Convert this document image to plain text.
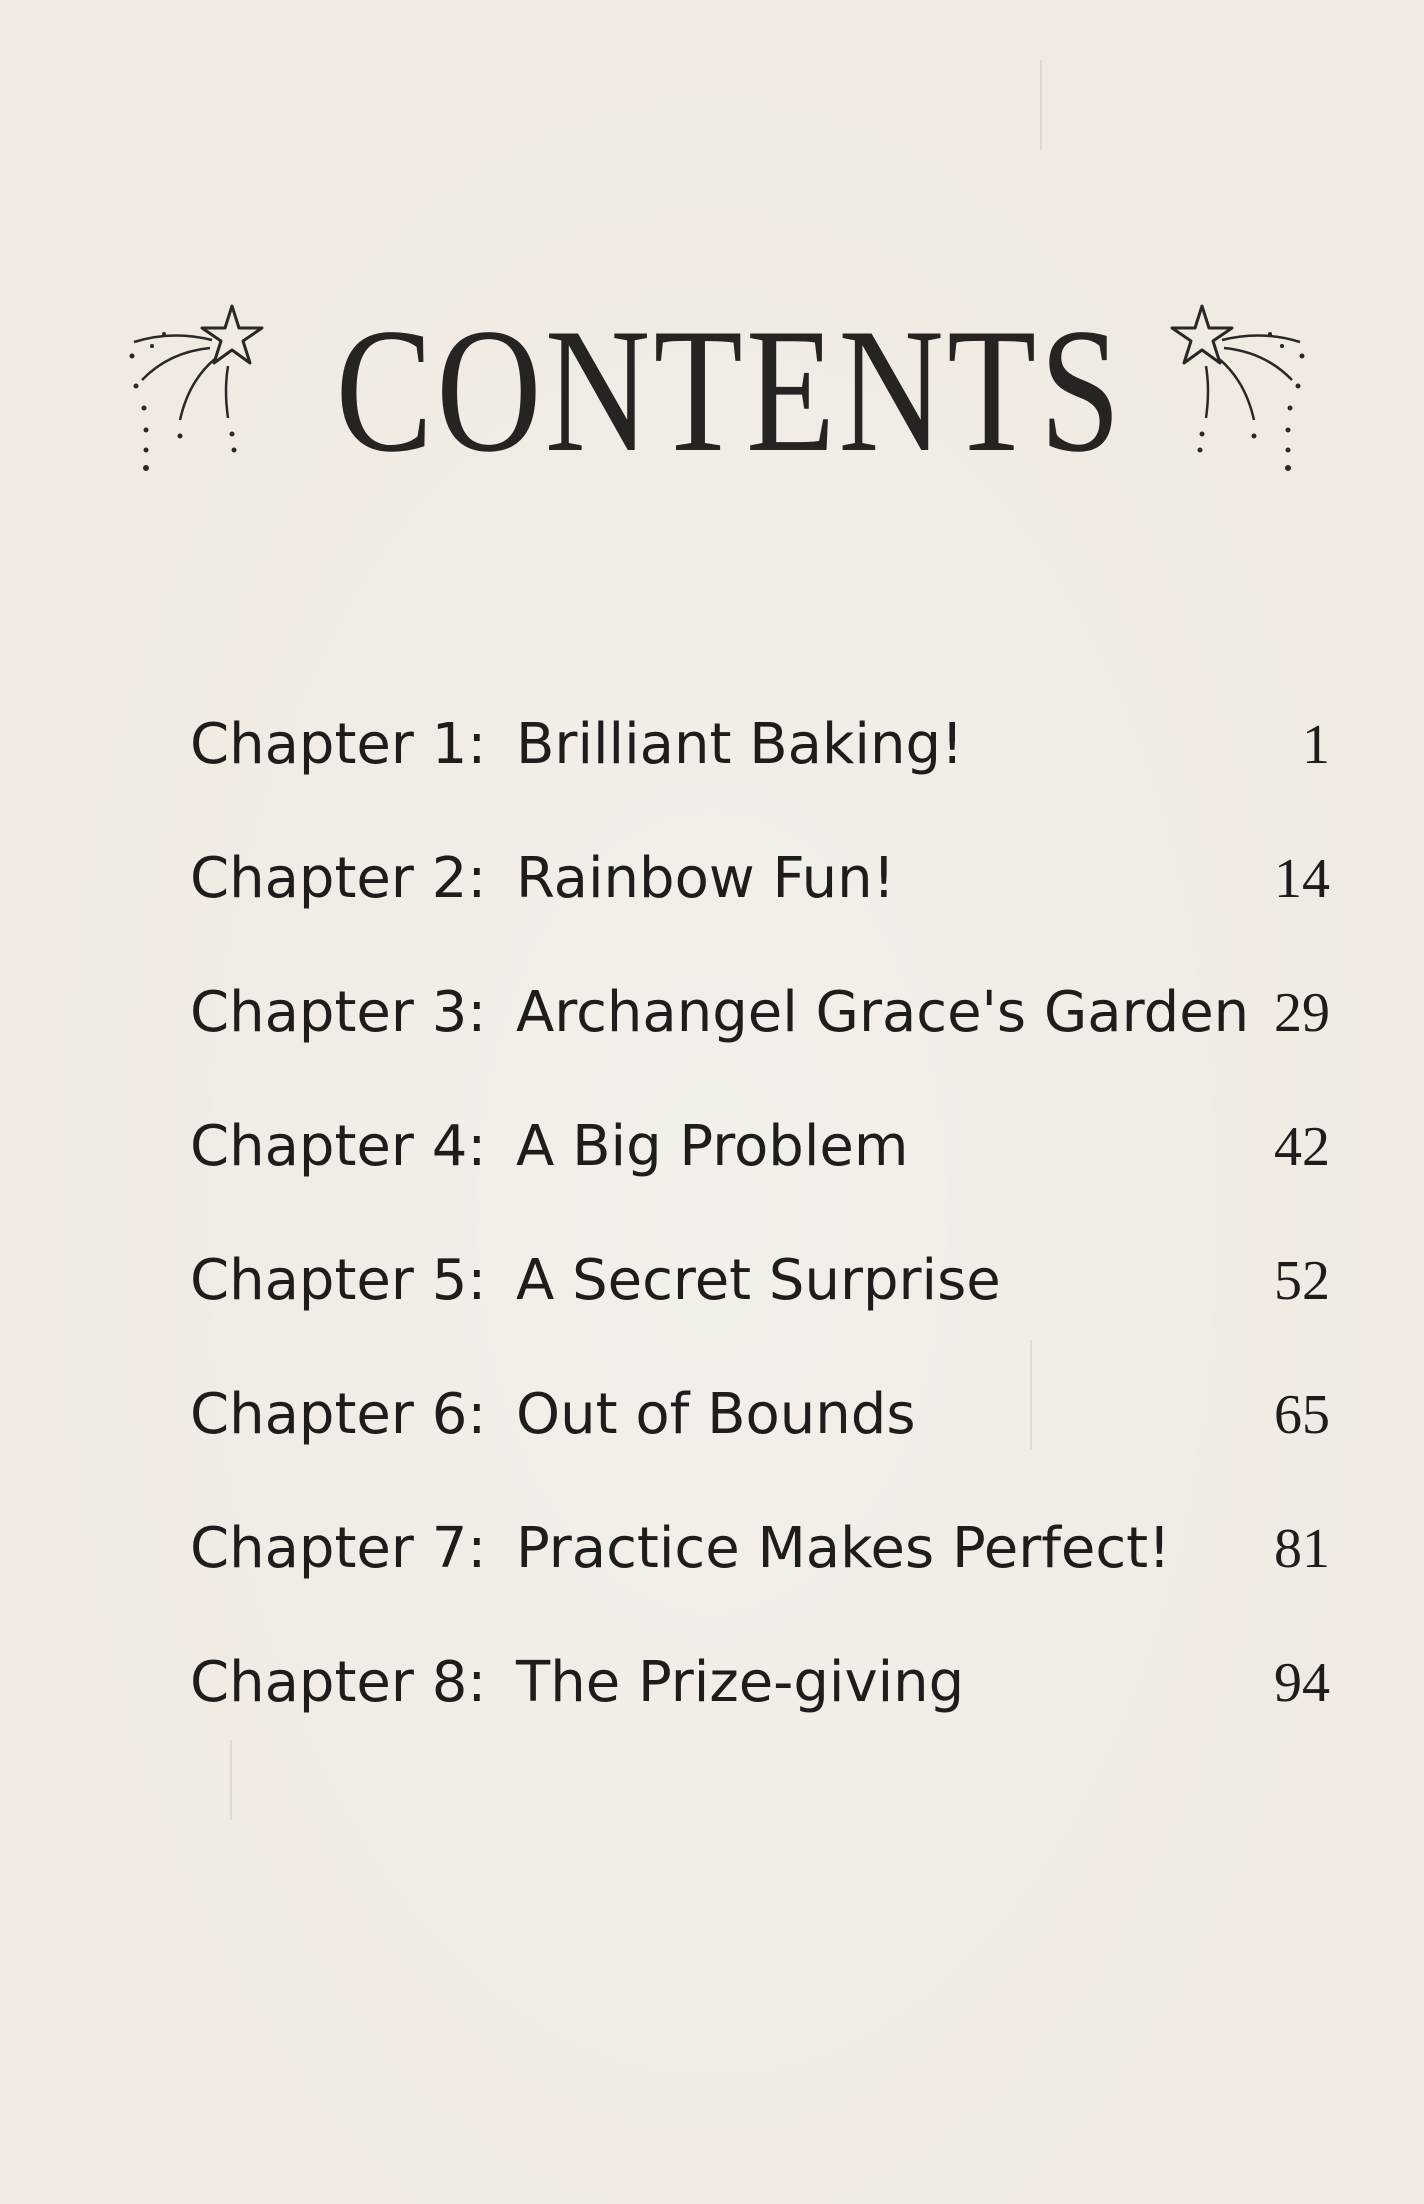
CONTENTS
Chapter 1: Brilliant Baking!	1
Chapter 2: Rainbow Fun!	14
Chapter 3: Archangel Grace's Garden 29
Chapter 4: A Big Problem	42
Chapter 5: A Secret Surprise	52
Chapter 6: Out of Bounds	65
Chapter 7: Practice Makes Perfect! 81
Chapter 8: The Prize-giving	94
